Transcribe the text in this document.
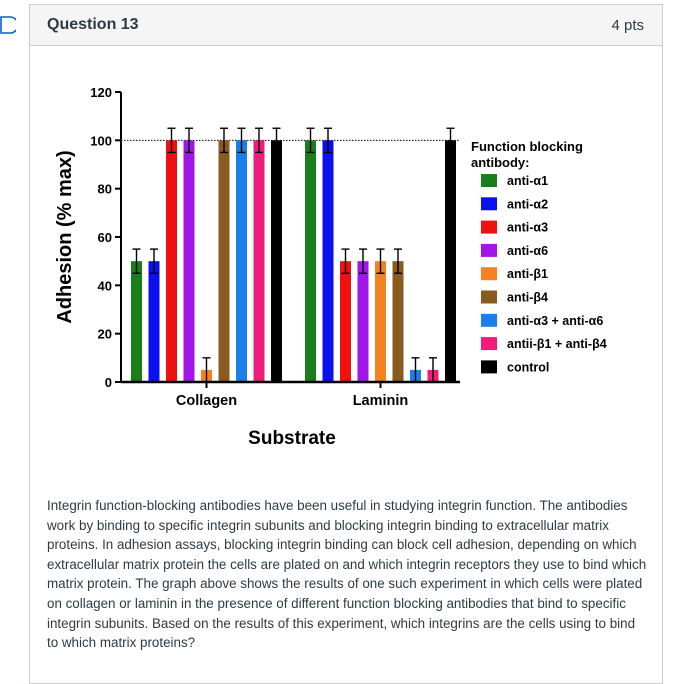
Question 13	4 pts
0
20
40
60
80
100
120
Adhesion (% max)
Collagen	Laminin
Substrate
Function blocking
antibody:
anti-α1
anti-α2
anti-α3
anti-α6
anti-β1
anti-β4
anti-α3 + anti-α6
antii-β1 + anti-β4
control
Integrin function-blocking antibodies have been useful in studying integrin function. The antibodies work by binding to specific integrin subunits and blocking integrin binding to extracellular matrix proteins. In adhesion assays, blocking integrin binding can block cell adhesion, depending on which extracellular matrix protein the cells are plated on and which integrin receptors they use to bind which matrix protein. The graph above shows the results of one such experiment in which cells were plated on collagen or laminin in the presence of different function blocking antibodies that bind to specific integrin subunits. Based on the results of this experiment, which integrins are the cells using to bind to which matrix proteins?
